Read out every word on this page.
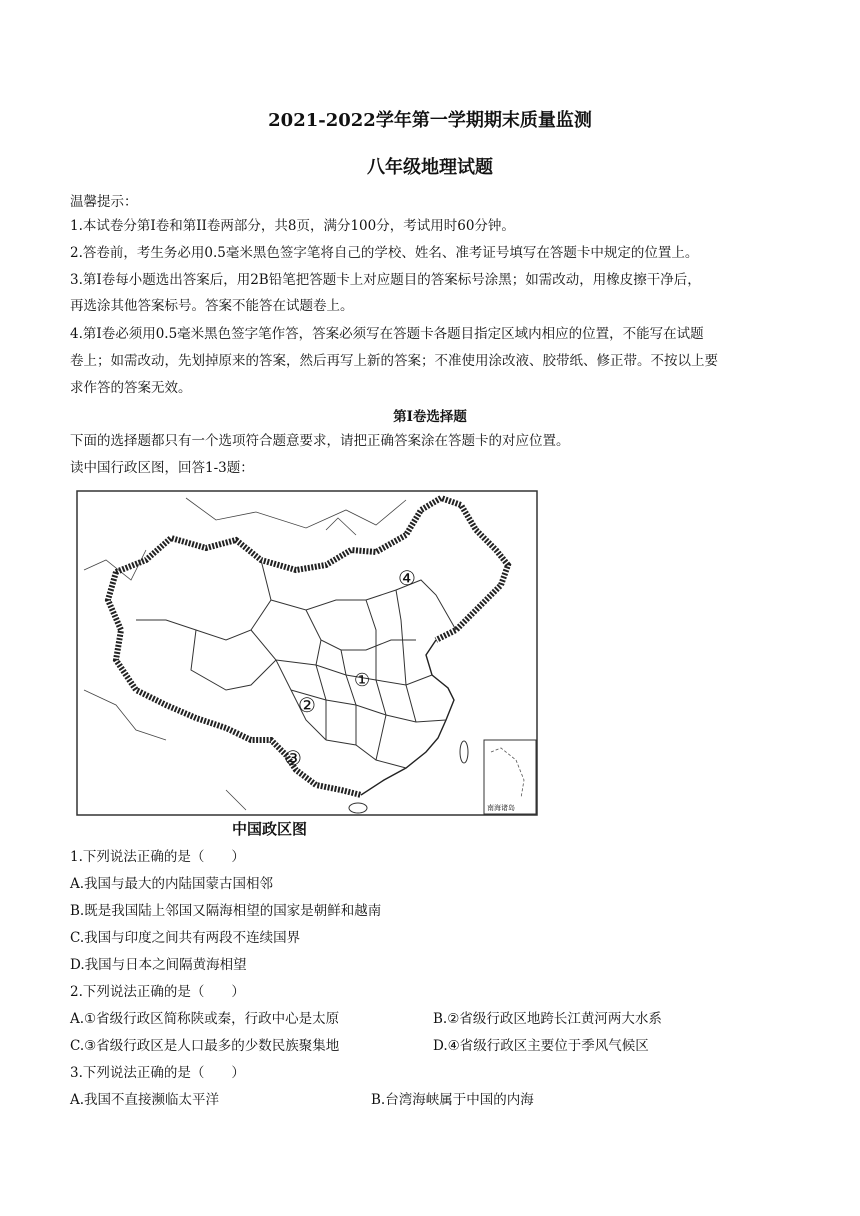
2021-2022学年第一学期期末质量监测
八年级地理试题
温馨提示：
1.本试卷分第Ⅰ卷和第II卷两部分，共8页，满分100分，考试用时60分钟。
2.答卷前，考生务必用0.5毫米黑色签字笔将自己的学校、姓名、准考证号填写在答题卡中规定的位置上。
3.第Ⅰ卷每小题选出答案后，用2B铅笔把答题卡上对应题目的答案标号涂黑；如需改动，用橡皮擦干净后，
再选涂其他答案标号。答案不能答在试题卷上。
4.第Ⅰ卷必须用0.5毫米黑色签字笔作答，答案必须写在答题卡各题目指定区域内相应的位置，不能写在试题
卷上；如需改动，先划掉原来的答案，然后再写上新的答案；不准使用涂改液、胶带纸、修正带。不按以上要
求作答的答案无效。
第Ⅰ卷选择题
下面的选择题都只有一个选项符合题意要求，请把正确答案涂在答题卡的对应位置。
读中国行政区图，回答1-3题：
①
②
③
④
南海诸岛
中国政区图
1.下列说法正确的是（　　）
A.我国与最大的内陆国蒙古国相邻
B.既是我国陆上邻国又隔海相望的国家是朝鲜和越南
C.我国与印度之间共有两段不连续国界
D.我国与日本之间隔黄海相望
2.下列说法正确的是（　　）
A.①省级行政区简称陕或秦，行政中心是太原	B.②省级行政区地跨长江黄河两大水系
C.③省级行政区是人口最多的少数民族聚集地	D.④省级行政区主要位于季风气候区
3.下列说法正确的是（　　）
A.我国不直接濒临太平洋	B.台湾海峡属于中国的内海
